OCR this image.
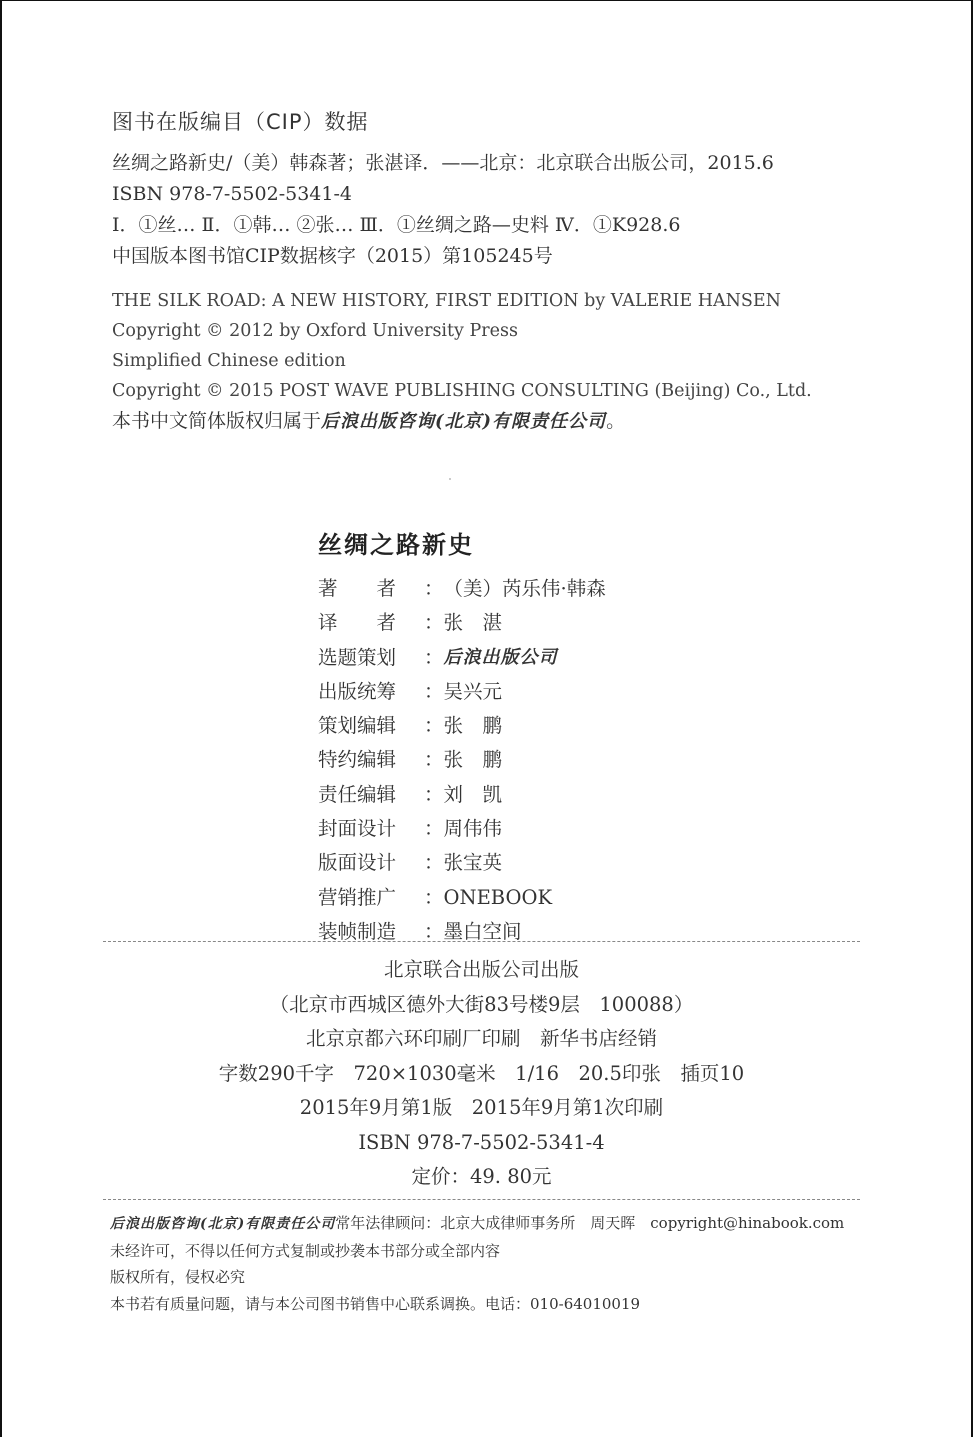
图书在版编目（CIP）数据
丝绸之路新史/（美）韩森著；张湛译．——北京：北京联合出版公司，2015.6
ISBN 978-7-5502-5341-4
Ⅰ．①丝… Ⅱ．①韩… ②张… Ⅲ．①丝绸之路—史料 Ⅳ．①K928.6
中国版本图书馆CIP数据核字（2015）第105245号
THE SILK ROAD: A NEW HISTORY, FIRST EDITION by VALERIE HANSEN
Copyright © 2012 by Oxford University Press
Simplified Chinese edition
Copyright © 2015 POST WAVE PUBLISHING CONSULTING (Beijing) Co., Ltd.
本书中文简体版权归属于后浪出版咨询(北京)有限责任公司。
丝绸之路新史
著　　者	： （美）芮乐伟·韩森
译　　者	： 张　湛
选题策划	： 后浪出版公司
出版统筹	： 吴兴元
策划编辑	： 张　鹏
特约编辑	： 张　鹏
责任编辑	： 刘　凯
封面设计	： 周伟伟
版面设计	： 张宝英
营销推广	： ONEBOOK
装帧制造	： 墨白空间
北京联合出版公司出版
（北京市西城区德外大街83号楼9层　100088）
北京京都六环印刷厂印刷　新华书店经销
字数290千字　720×1030毫米　1/16　20.5印张　插页10
2015年9月第1版　2015年9月第1次印刷
ISBN 978-7-5502-5341-4
定价：49. 80元
后浪出版咨询(北京)有限责任公司常年法律顾问：北京大成律师事务所　周天晖　 copyright@hinabook.com
未经许可，不得以任何方式复制或抄袭本书部分或全部内容
版权所有，侵权必究
本书若有质量问题，请与本公司图书销售中心联系调换。电话：010-64010019
